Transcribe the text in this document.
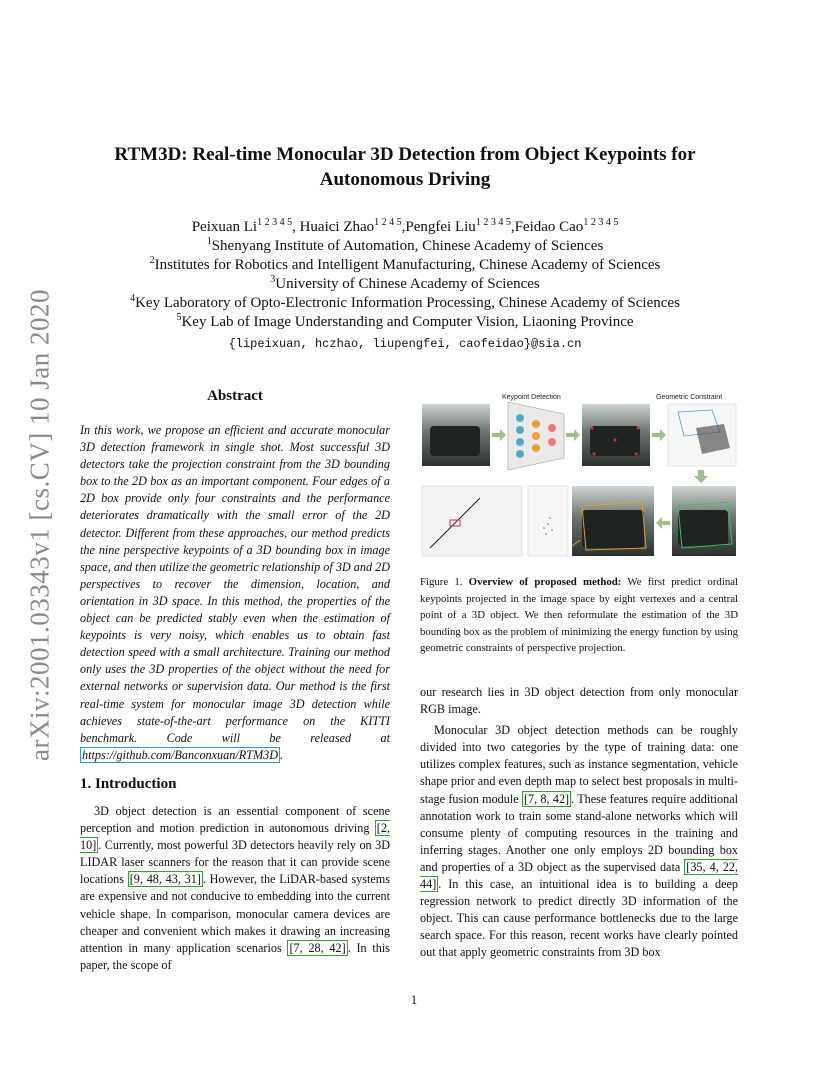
arXiv:2001.03343v1 [cs.CV] 10 Jan 2020
RTM3D: Real-time Monocular 3D Detection from Object Keypoints for Autonomous Driving
Peixuan $Li^{1 2 3 4 5}$, Huaici Zhao$^{1 2 4 5}$,Pengfei Liu$^{1 2 3 4 5}$,Feidao Cao$^{1 2 3 4 5}$
$^1$Shenyang Institute of Automation, Chinese Academy of Sciences
$^2$Institutes for Robotics and Intelligent Manufacturing, Chinese Academy of Sciences
$^3$University of Chinese Academy of Sciences
$^4$Key Laboratory of Opto-Electronic Information Processing, Chinese Academy of Sciences
$^5$Key Lab of Image Understanding and Computer Vision, Liaoning Province
{lipeixuan, hczhao, liupengfei, caofeidao}@sia.cn
Abstract
In this work, we propose an efficient and accurate monocular 3D detection framework in single shot. Most successful 3D detectors take the projection constraint from the 3D bounding box to the 2D box as an important component. Four edges of a 2D box provide only four constraints and the performance deteriorates dramatically with the small error of the 2D detector. Different from these approaches, our method predicts the nine perspective keypoints of a 3D bounding box in image space, and then utilize the geometric relationship of 3D and 2D perspectives to recover the dimension, location, and orientation in 3D space. In this method, the properties of the object can be predicted stably even when the estimation of keypoints is very noisy, which enables us to obtain fast detection speed with a small architecture. Training our method only uses the 3D properties of the object without the need for external networks or supervision data. Our method is the first real-time system for monocular image 3D detection while achieves state-of-the-art performance on the KITTI benchmark. Code will be released at https://github.com/Banconxuan/RTM3D .
1. Introduction
3D object detection is an essential component of scene perception and motion prediction in autonomous driving [2, 10] . Currently, most powerful 3D detectors heavily rely on 3D LIDAR laser scanners for the reason that it can provide scene locations [9, 48, 43, 31] . However, the LiDAR-based systems are expensive and not conducive to embedding into the current vehicle shape. In comparison, monocular camera devices are cheaper and convenient which makes it drawing an increasing attention in many application scenarios [7, 28, 42] . In this paper, the scope of
Keypoint Detection	Geometric Constraint
Figure 1. Overview of proposed method: We first predict ordinal keypoints projected in the image space by eight vertexes and a central point of a 3D object. We then reformulate the estimation of the 3D bounding box as the problem of minimizing the energy function by using geometric constraints of perspective projection.

our research lies in 3D object detection from only monocular RGB image.

Monocular 3D object detection methods can be roughly divided into two categories by the type of training data: one utilizes complex features, such as instance segmentation, vehicle shape prior and even depth map to select best proposals in multi-stage fusion module [7, 8, 42] . These features require additional annotation work to train some stand-alone networks which will consume plenty of computing resources in the training and inferring stages. Another one only employs 2D bounding box and properties of a 3D object as the supervised data [35, 4, 22, 44] . In this case, an intuitional idea is to building a deep regression network to predict directly 3D information of the object. This can cause performance bottlenecks due to the large search space. For this reason, recent works have clearly pointed out that apply geometric constraints from 3D box

1
